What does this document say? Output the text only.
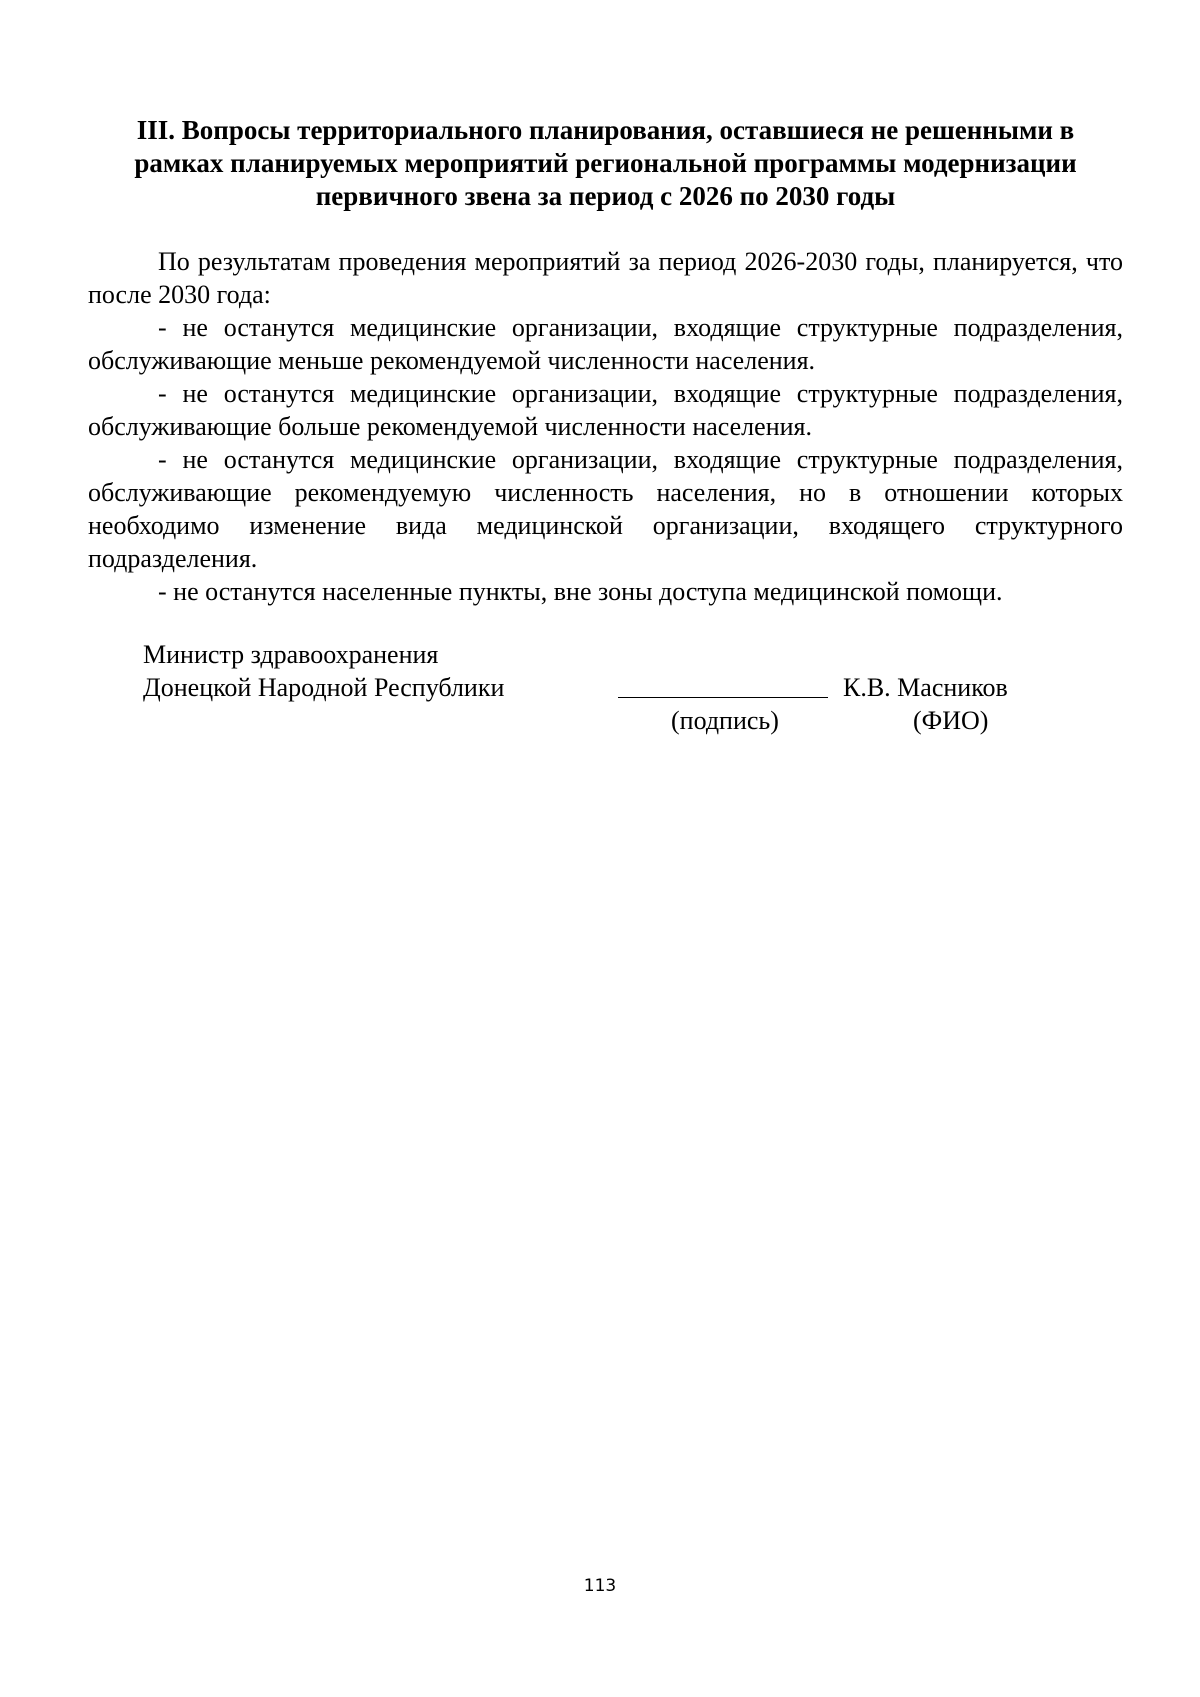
III. Вопросы территориального планирования, оставшиеся не решенными в
рамках планируемых мероприятий региональной программы модернизации
первичного звена за период с 2026 по 2030 годы

По результатам проведения мероприятий за период 2026-2030 годы, планируется, что после 2030 года:

- не останутся медицинские организации, входящие структурные подразделения, обслуживающие меньше рекомендуемой численности населения.

- не останутся медицинские организации, входящие структурные подразделения, обслуживающие больше рекомендуемой численности населения.

- не останутся медицинские организации, входящие структурные подразделения, обслуживающие рекомендуемую численность населения, но в отношении которых необходимо изменение вида медицинской организации, входящего структурного подразделения.

- не останутся населенные пункты, вне зоны доступа медицинской помощи.

Министр здравоохранения
Донецкой Народной Республики	К.В. Масников
(подпись)	(ФИО)
113
